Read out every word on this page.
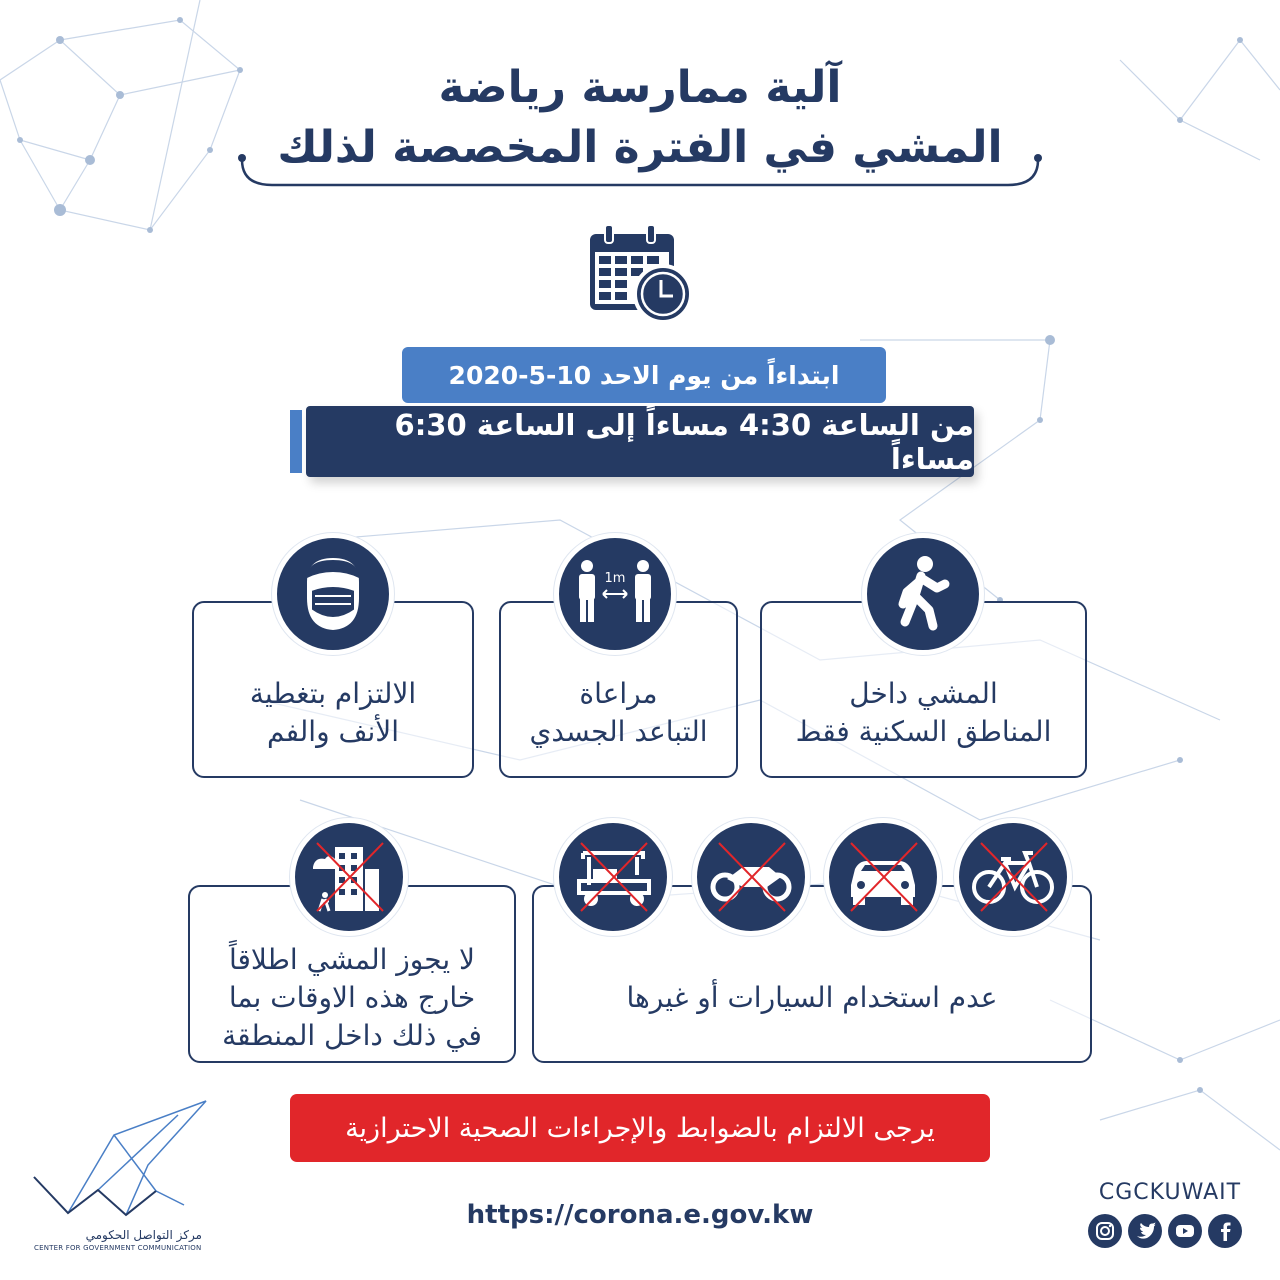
آلية ممارسة رياضة
المشي في الفترة المخصصة لذلك
ابتداءاً من يوم الاحد 10-5-2020
من الساعة 4:30 مساءاً إلى الساعة 6:30 مساءاً
المشي داخل
المناطق السكنية فقط
مراعاة
التباعد الجسدي
1m
الالتزام بتغطية
الأنف والفم
عدم استخدام السيارات أو غيرها
لا يجوز المشي اطلاقاً
خارج هذه الاوقات بما
في ذلك داخل المنطقة
يرجى الالتزام بالضوابط والإجراءات الصحية الاحترازية
https://corona.e.gov.kw
CGCKUWAIT
مركز التواصل الحكومي
CENTER FOR GOVERNMENT COMMUNICATION
